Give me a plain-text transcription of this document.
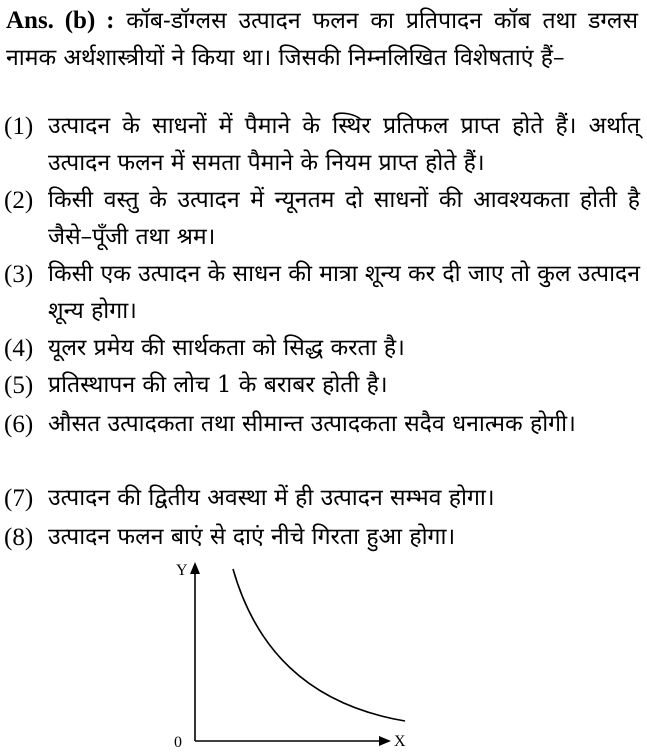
Ans. (b) : कॉब-डॉग्लस उत्पादन फलन का प्रतिपादन कॉब तथा डग्लस नामक अर्थशास्त्रीयों ने किया था। जिसकी निम्नलिखित विशेषताएं हैं–
(1) उत्पादन के साधनों में पैमाने के स्थिर प्रतिफल प्राप्त होते हैं। अर्थात् उत्पादन फलन में समता पैमाने के नियम प्राप्त होते हैं।
(2) किसी वस्तु के उत्पादन में न्यूनतम दो साधनों की आवश्यकता होती है जैसे–पूँजी तथा श्रम।
(3) किसी एक उत्पादन के साधन की मात्रा शून्य कर दी जाए तो कुल उत्पादन शून्य होगा।
(4) यूलर प्रमेय की सार्थकता को सिद्ध करता है।
(5) प्रतिस्थापन की लोच 1 के बराबर होती है।
(6) औसत उत्पादकता तथा सीमान्त उत्पादकता सदैव धनात्मक होगी।
(7) उत्पादन की द्वितीय अवस्था में ही उत्पादन सम्भव होगा।
(8) उत्पादन फलन बाएं से दाएं नीचे गिरता हुआ होगा।
Y
X
0
